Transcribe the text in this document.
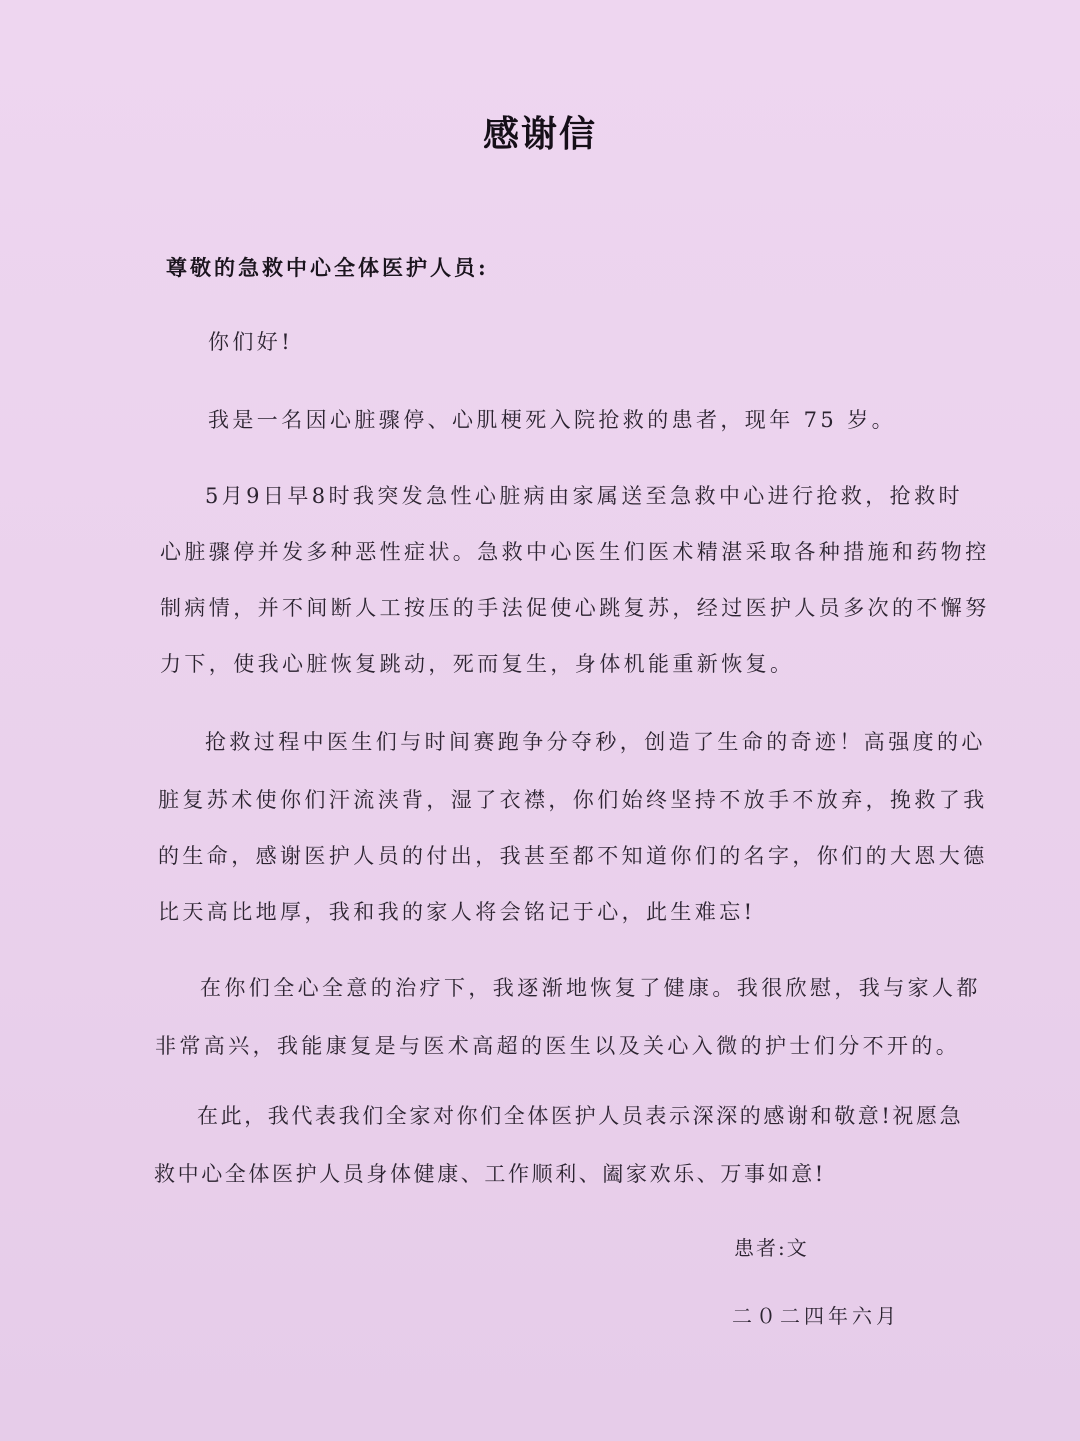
感谢信
尊敬的急救中心全体医护人员:
你们好!
我是一名因心脏骤停、心肌梗死入院抢救的患者，现年 75 岁。
5月9日早8时我突发急性心脏病由家属送至急救中心进行抢救，抢救时
心脏骤停并发多种恶性症状。急救中心医生们医术精湛采取各种措施和药物控
制病情，并不间断人工按压的手法促使心跳复苏，经过医护人员多次的不懈努
力下，使我心脏恢复跳动，死而复生，身体机能重新恢复。
抢救过程中医生们与时间赛跑争分夺秒，创造了生命的奇迹！高强度的心
脏复苏术使你们汗流浃背，湿了衣襟，你们始终坚持不放手不放弃，挽救了我
的生命，感谢医护人员的付出，我甚至都不知道你们的名字，你们的大恩大德
比天高比地厚，我和我的家人将会铭记于心，此生难忘!
在你们全心全意的治疗下，我逐渐地恢复了健康。我很欣慰，我与家人都
非常高兴，我能康复是与医术高超的医生以及关心入微的护士们分不开的。
在此，我代表我们全家对你们全体医护人员表示深深的感谢和敬意!祝愿急
救中心全体医护人员身体健康、工作顺利、阖家欢乐、万事如意!
患者:文
二０二四年六月
